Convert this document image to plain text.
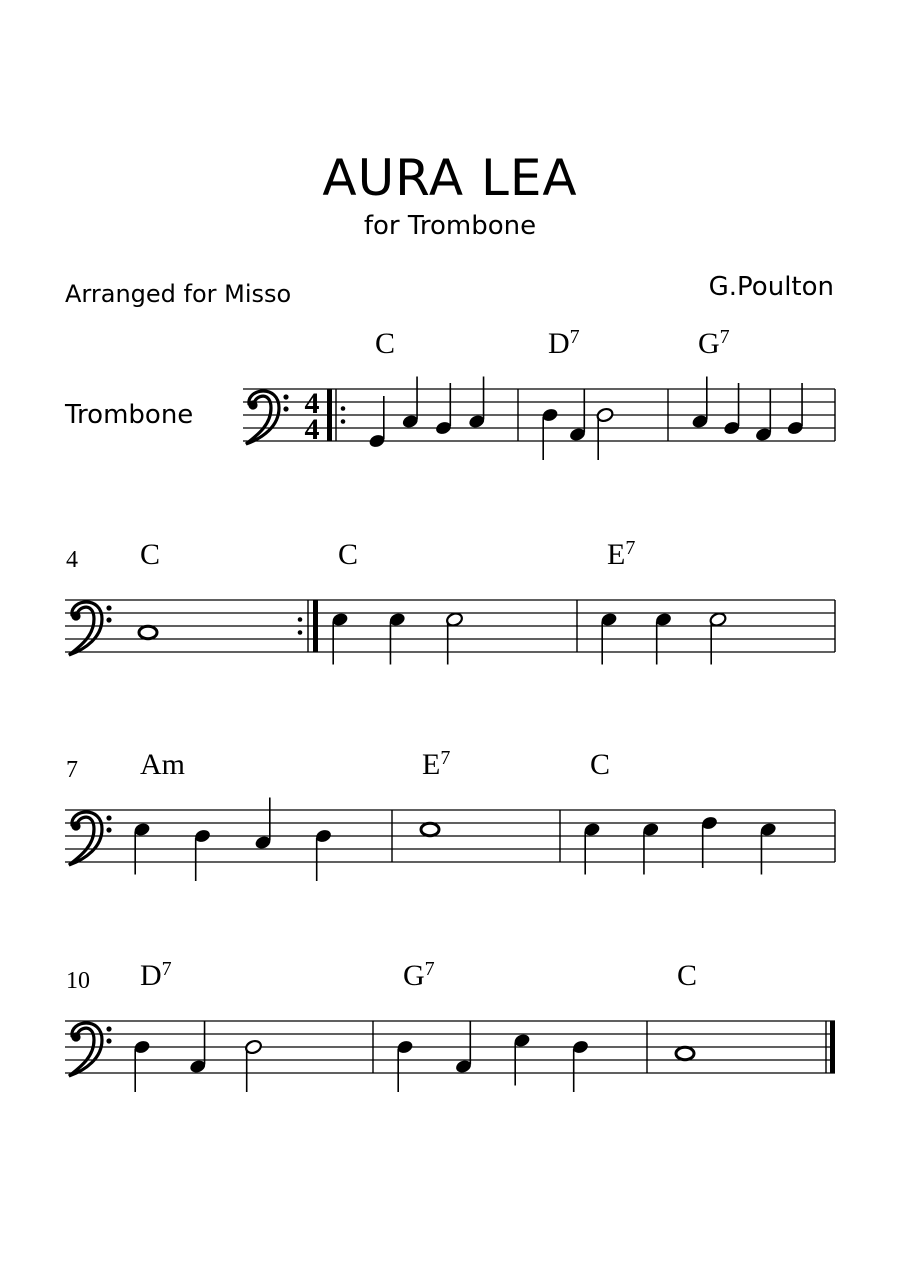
AURA LEA
for Trombone
Arranged for Misso	G.Poulton
Trombone	4
4
C	$D^7$	$G^7$
4 C	C	$E^7$
7 Am	$E^7$	C
10 $D^7$	$G^7$	C
